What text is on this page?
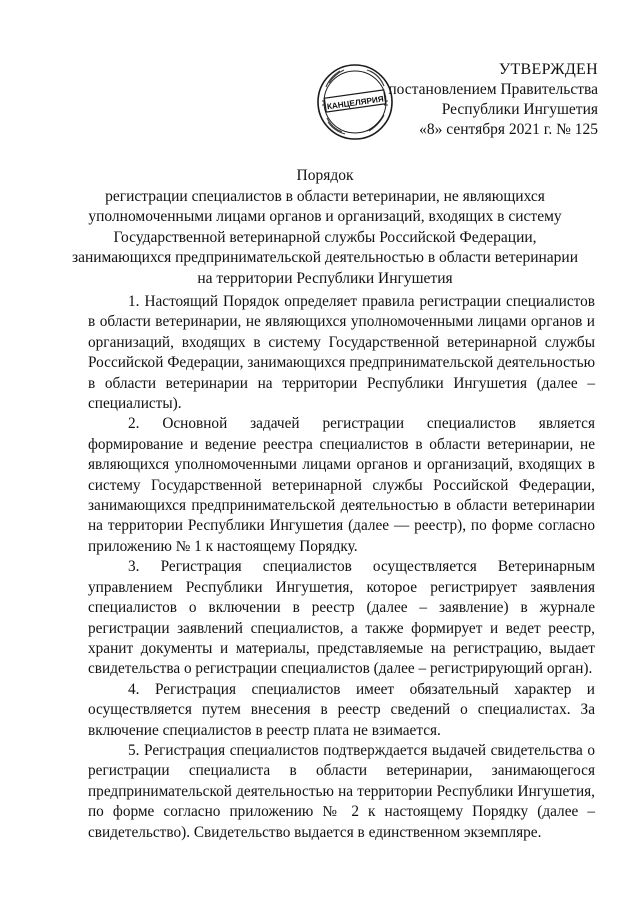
УТВЕРЖДЕН
постановлением Правительства
Республики Ингушетия
«8» сентября 2021 г. № 125
КАНЦЕЛЯРИЯ
Порядок
регистрации специалистов в области ветеринарии, не являющихся
уполномоченными лицами органов и организаций, входящих в систему
Государственной ветеринарной службы Российской Федерации,
занимающихся предпринимательской деятельностью в области ветеринарии
на территории Республики Ингушетия

1. Настоящий Порядок определяет правила регистрации специалистов в области ветеринарии, не являющихся уполномоченными лицами органов и организаций, входящих в систему Государственной ветеринарной службы Российской Федерации, занимающихся предпринимательской деятельностью в области ветеринарии на территории Республики Ингушетия (далее – специалисты).

2. Основной задачей регистрации специалистов является формирование и ведение реестра специалистов в области ветеринарии, не являющихся уполномоченными лицами органов и организаций, входящих в систему Государственной ветеринарной службы Российской Федерации, занимающихся предпринимательской деятельностью в области ветеринарии на территории Республики Ингушетия (далее — реестр), по форме согласно приложению № 1 к настоящему Порядку.

3. Регистрация специалистов осуществляется Ветеринарным управлением Республики Ингушетия, которое регистрирует заявления специалистов о включении в реестр (далее – заявление) в журнале регистрации заявлений специалистов, а также формирует и ведет реестр, хранит документы и материалы, представляемые на регистрацию, выдает свидетельства о регистрации специалистов (далее – регистрирующий орган).

4. Регистрация специалистов имеет обязательный характер и осуществляется путем внесения в реестр сведений о специалистах. За включение специалистов в реестр плата не взимается.

5. Регистрация специалистов подтверждается выдачей свидетельства о регистрации специалиста в области ветеринарии, занимающегося предпринимательской деятельностью на территории Республики Ингушетия, по форме согласно приложению № 2 к настоящему Порядку (далее – свидетельство). Свидетельство выдается в единственном экземпляре.
